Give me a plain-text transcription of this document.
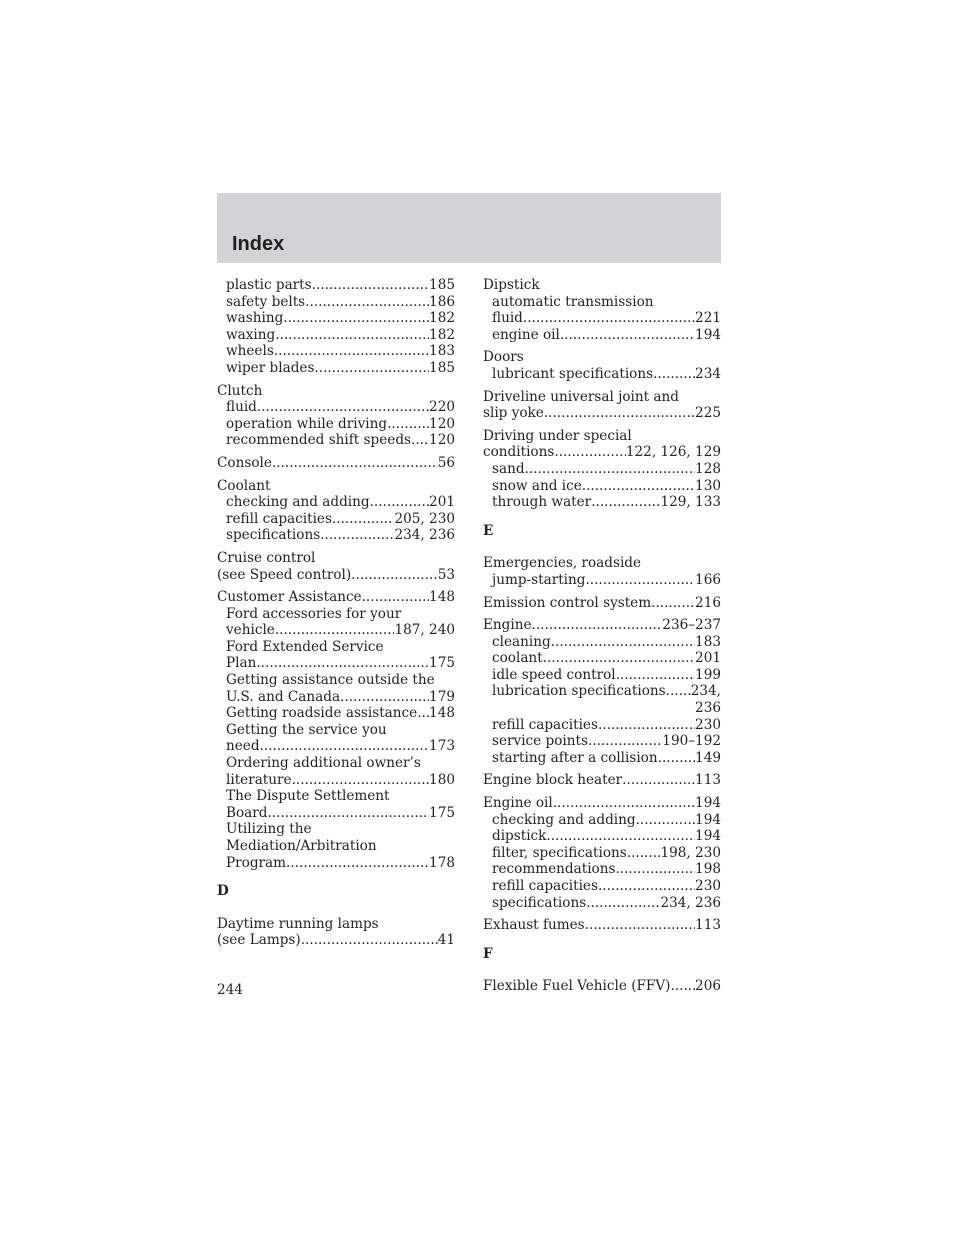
Index
plastic parts .....	185
safety belts .....	186
washing .....	182
waxing .....	182
wheels .....	183
wiper blades .....	185
Clutch
fluid .....	220
operation while driving .....	120
recommended shift speeds ..... 120
Console .....	56
Coolant
checking and adding .....	201
refill capacities .....	205, 230
specifications .....	234, 236
Cruise control
(see Speed control) .....	53
Customer Assistance .....	148
Ford accessories for your
vehicle .....	187, 240
Ford Extended Service
Plan .....	175
Getting assistance outside the
U.S. and Canada .....	179
Getting roadside assistance ..... 148
Getting the service you
need .....	173
Ordering additional owner’s
literature .....	180
The Dispute Settlement
Board .....	175
Utilizing the
Mediation/Arbitration
Program .....	178
D
Daytime running lamps
(see Lamps) .....	41
Dipstick
automatic transmission
fluid .....	221
engine oil .....	194
Doors
lubricant specifications .....	234
Driveline universal joint and
slip yoke .....	225
Driving under special
conditions .....	122, 126, 129
sand .....	128
snow and ice .....	130
through water .....	129, 133
E
Emergencies, roadside
jump-starting .....	166
Emission control system .....	216
Engine .....	236–237
cleaning .....	183
coolant .....	201
idle speed control .....	199
lubrication specifications ..... 234,
236
refill capacities .....	230
service points .....	190–192
starting after a collision .....	149
Engine block heater .....	113
Engine oil .....	194
checking and adding .....	194
dipstick .....	194
filter, specifications ..... 198, 230
recommendations .....	198
refill capacities .....	230
specifications .....	234, 236
Exhaust fumes .....	113
F
Flexible Fuel Vehicle (FFV) ..... 206
244
